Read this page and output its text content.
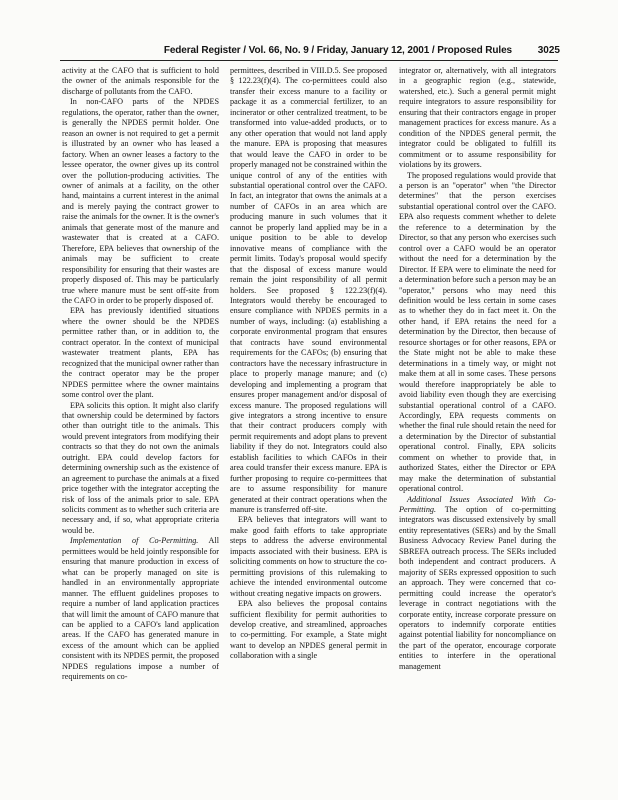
Federal Register / Vol. 66, No. 9 / Friday, January 12, 2001 / Proposed Rules	3025

activity at the CAFO that is sufficient to hold the owner of the animals responsible for the discharge of pollutants from the CAFO.

In non-CAFO parts of the NPDES regulations, the operator, rather than the owner, is generally the NPDES permit holder. One reason an owner is not required to get a permit is illustrated by an owner who has leased a factory. When an owner leases a factory to the lessee operator, the owner gives up its control over the pollution-producing activities. The owner of animals at a facility, on the other hand, maintains a current interest in the animal and is merely paying the contract grower to raise the animals for the owner. It is the owner's animals that generate most of the manure and wastewater that is created at a CAFO. Therefore, EPA believes that ownership of the animals may be sufficient to create responsibility for ensuring that their wastes are properly disposed of. This may be particularly true where manure must be sent off-site from the CAFO in order to be properly disposed of.

EPA has previously identified situations where the owner should be the NPDES permittee rather than, or in addition to, the contract operator. In the context of municipal wastewater treatment plants, EPA has recognized that the municipal owner rather than the contract operator may be the proper NPDES permittee where the owner maintains some control over the plant.

EPA solicits this option. It might also clarify that ownership could be determined by factors other than outright title to the animals. This would prevent integrators from modifying their contracts so that they do not own the animals outright. EPA could develop factors for determining ownership such as the existence of an agreement to purchase the animals at a fixed price together with the integrator accepting the risk of loss of the animals prior to sale. EPA solicits comment as to whether such criteria are necessary and, if so, what appropriate criteria would be.

Implementation of Co-Permitting. All permittees would be held jointly responsible for ensuring that manure production in excess of what can be properly managed on site is handled in an environmentally appropriate manner. The effluent guidelines proposes to require a number of land application practices that will limit the amount of CAFO manure that can be applied to a CAFO's land application areas. If the CAFO has generated manure in excess of the amount which can be applied consistent with its NPDES permit, the proposed NPDES regulations impose a number of requirements on co-

permittees, described in VIII.D.5. See proposed § 122.23(f)(4). The co-permittees could also transfer their excess manure to a facility or package it as a commercial fertilizer, to an incinerator or other centralized treatment, to be transformed into value-added products, or to any other operation that would not land apply the manure. EPA is proposing that measures that would leave the CAFO in order to be properly managed not be constrained within the unique control of any of the entities with substantial operational control over the CAFO. In fact, an integrator that owns the animals at a number of CAFOs in an area which are producing manure in such volumes that it cannot be properly land applied may be in a unique position to be able to develop innovative means of compliance with the permit limits. Today's proposal would specify that the disposal of excess manure would remain the joint responsibility of all permit holders. See proposed § 122.23(f)(4). Integrators would thereby be encouraged to ensure compliance with NPDES permits in a number of ways, including: (a) establishing a corporate environmental program that ensures that contracts have sound environmental requirements for the CAFOs; (b) ensuring that contractors have the necessary infrastructure in place to properly manage manure; and (c) developing and implementing a program that ensures proper management and/or disposal of excess manure. The proposed regulations will give integrators a strong incentive to ensure that their contract producers comply with permit requirements and adopt plans to prevent liability if they do not. Integrators could also establish facilities to which CAFOs in their area could transfer their excess manure. EPA is further proposing to require co-permittees that are to assume responsibility for manure generated at their contract operations when the manure is transferred off-site.

EPA believes that integrators will want to make good faith efforts to take appropriate steps to address the adverse environmental impacts associated with their business. EPA is soliciting comments on how to structure the co-permitting provisions of this rulemaking to achieve the intended environmental outcome without creating negative impacts on growers.

EPA also believes the proposal contains sufficient flexibility for permit authorities to develop creative, and streamlined, approaches to co-permitting. For example, a State might want to develop an NPDES general permit in collaboration with a single

integrator or, alternatively, with all integrators in a geographic region (e.g., statewide, watershed, etc.). Such a general permit might require integrators to assure responsibility for ensuring that their contractors engage in proper management practices for excess manure. As a condition of the NPDES general permit, the integrator could be obligated to fulfill its commitment or to assume responsibility for violations by its growers.

The proposed regulations would provide that a person is an "operator" when "the Director determines" that the person exercises substantial operational control over the CAFO. EPA also requests comment whether to delete the reference to a determination by the Director, so that any person who exercises such control over a CAFO would be an operator without the need for a determination by the Director. If EPA were to eliminate the need for a determination before such a person may be an "operator," persons who may need this definition would be less certain in some cases as to whether they do in fact meet it. On the other hand, if EPA retains the need for a determination by the Director, then because of resource shortages or for other reasons, EPA or the State might not be able to make these determinations in a timely way, or might not make them at all in some cases. These persons would therefore inappropriately be able to avoid liability even though they are exercising substantial operational control of a CAFO. Accordingly, EPA requests comments on whether the final rule should retain the need for a determination by the Director of substantial operational control. Finally, EPA solicits comment on whether to provide that, in authorized States, either the Director or EPA may make the determination of substantial operational control.

Additional Issues Associated With Co-Permitting. The option of co-permitting integrators was discussed extensively by small entity representatives (SERs) and by the Small Business Advocacy Review Panel during the SBREFA outreach process. The SERs included both independent and contract producers. A majority of SERs expressed opposition to such an approach. They were concerned that co-permitting could increase the operator's leverage in contract negotiations with the corporate entity, increase corporate pressure on operators to indemnify corporate entities against potential liability for noncompliance on the part of the operator, encourage corporate entities to interfere in the operational management
